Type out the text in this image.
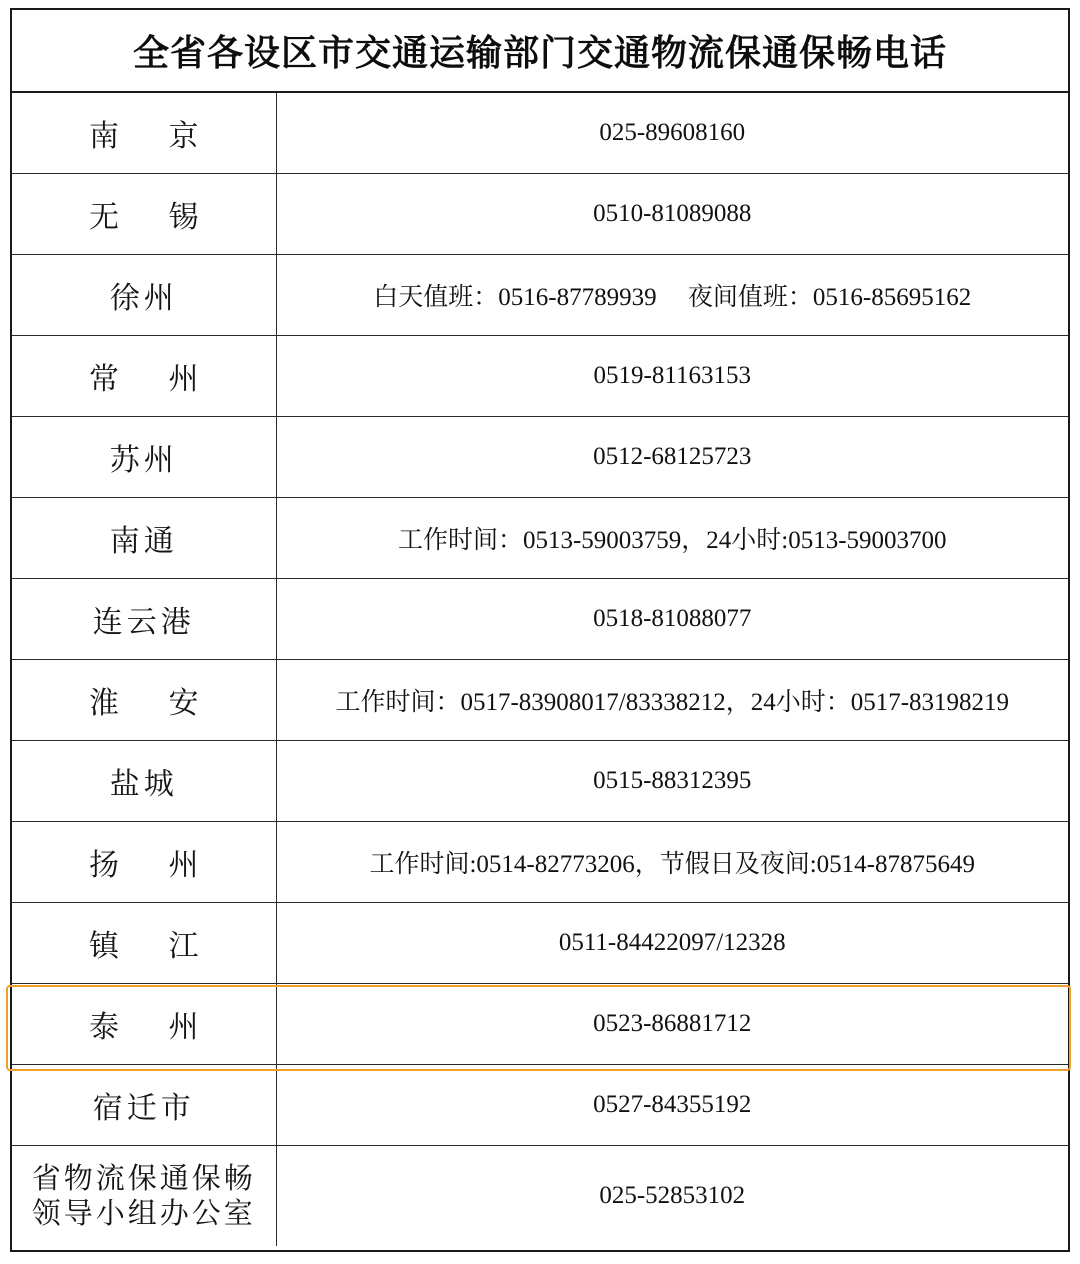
全省各设区市交通运输部门交通物流保通保畅电话
南 京	025-89608160
无 锡	0510-81089088
徐州	白天值班：0516-87789939　 夜间值班：0516-85695162
常 州	0519-81163153
苏州	0512-68125723
南通	工作时间：0513-59003759，24小时:0513-59003700
连云港	0518-81088077
淮 安	工作时间：0517-83908017/83338212，24小时：0517-83198219
盐城	0515-88312395
扬 州	工作时间:0514-82773206，节假日及夜间:0514-87875649
镇 江	0511-84422097/12328
泰 州	0523-86881712
宿迁市	0527-84355192

省物流保通保畅
领导小组办公室	025-52853102
